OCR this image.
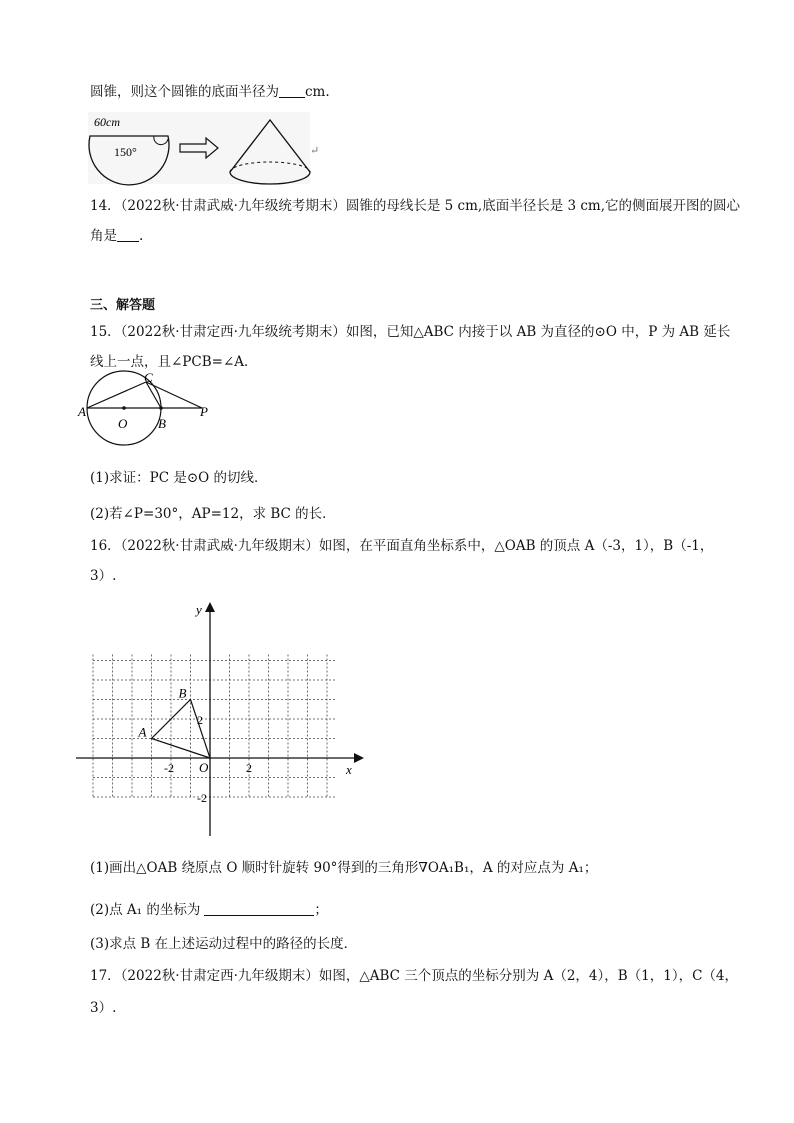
圆锥，则这个圆锥的底面半径为 cm.
60cm
150°	↵
14．（2022秋·甘肃武威·九年级统考期末）圆锥的母线长是 5 cm,底面半径长是 3 cm,它的侧面展开图的圆心
角是 .
三、解答题
15．（2022秋·甘肃定西·九年级统考期末）如图，已知△ABC 内接于以 AB 为直径的⊙O 中，P 为 AB 延长
线上一点，且∠PCB=∠A．
A
O B
C
P
(1)求证：PC 是⊙O 的切线．
(2)若∠P=30°，AP=12，求 BC 的长．
16．（2022秋·甘肃武威·九年级期末）如图，在平面直角坐标系中，△OAB 的顶点 A（-3，1），B（-1，
3）.
x
y
O
A
B
-2	2
2
-2
(1)画出△OAB 绕原点 O 顺时针旋转 90°得到的三角形∇OA₁B₁，A 的对应点为 A₁；
(2)点 A₁ 的坐标为	；
(3)求点 B 在上述运动过程中的路径的长度．
17．（2022秋·甘肃定西·九年级期末）如图，△ABC 三个顶点的坐标分别为 A（2，4），B（1，1），C（4，
3）.
